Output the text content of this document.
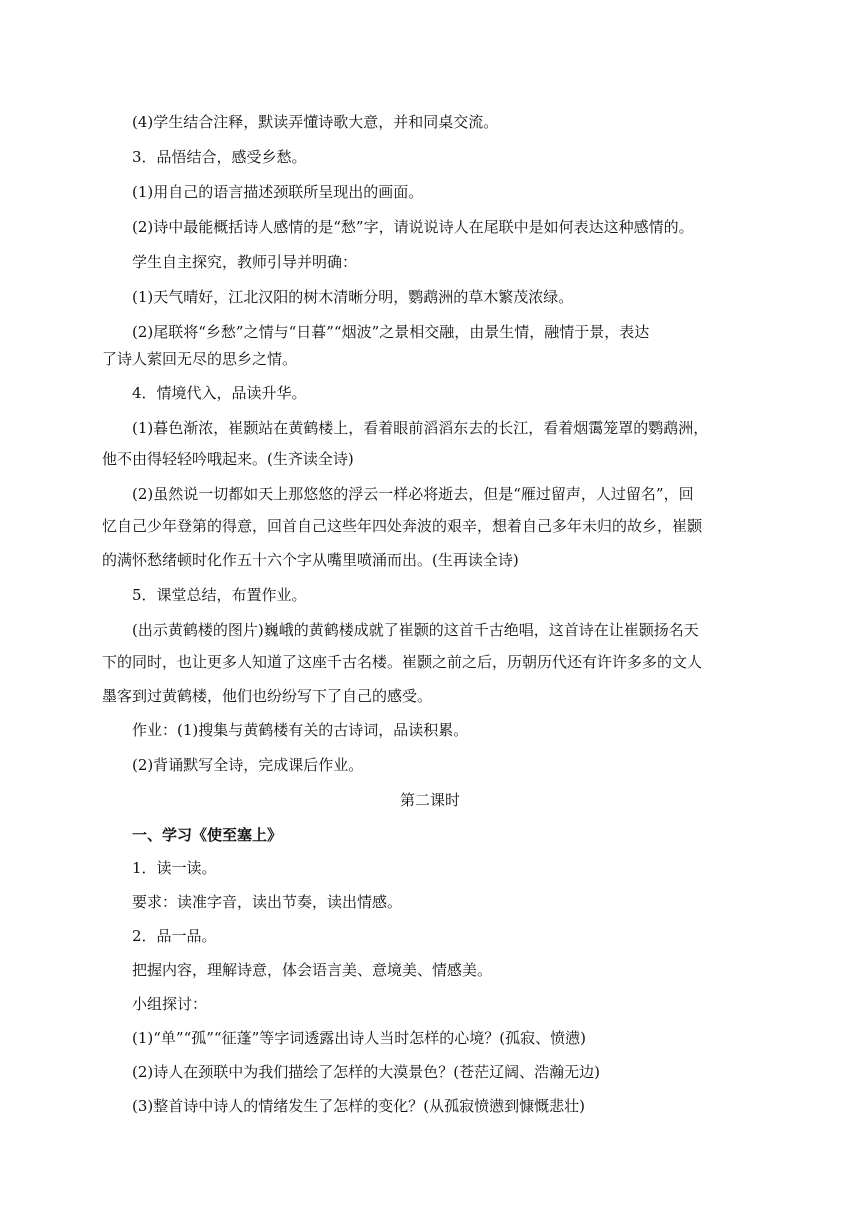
(4)学生结合注释，默读弄懂诗歌大意，并和同桌交流。
3．品悟结合，感受乡愁。
(1)用自己的语言描述颈联所呈现出的画面。
(2)诗中最能概括诗人感情的是“愁”字，请说说诗人在尾联中是如何表达这种感情的。
学生自主探究，教师引导并明确：
(1)天气晴好，江北汉阳的树木清晰分明，鹦鹉洲的草木繁茂浓绿。
(2)尾联将“乡愁”之情与“日暮”“烟波”之景相交融，由景生情，融情于景，表达
了诗人萦回无尽的思乡之情。
4．情境代入，品读升华。
(1)暮色渐浓，崔颢站在黄鹤楼上，看着眼前滔滔东去的长江，看着烟霭笼罩的鹦鹉洲，
他不由得轻轻吟哦起来。(生齐读全诗)
(2)虽然说一切都如天上那悠悠的浮云一样必将逝去，但是“雁过留声，人过留名”，回
忆自己少年登第的得意，回首自己这些年四处奔波的艰辛，想着自己多年未归的故乡，崔颢
的满怀愁绪顿时化作五十六个字从嘴里喷涌而出。(生再读全诗)
5．课堂总结，布置作业。
(出示黄鹤楼的图片)巍峨的黄鹤楼成就了崔颢的这首千古绝唱，这首诗在让崔颢扬名天
下的同时，也让更多人知道了这座千古名楼。崔颢之前之后，历朝历代还有许许多多的文人
墨客到过黄鹤楼，他们也纷纷写下了自己的感受。
作业：(1)搜集与黄鹤楼有关的古诗词，品读积累。
(2)背诵默写全诗，完成课后作业。
第二课时
一、学习《使至塞上》
1．读一读。
要求：读准字音，读出节奏，读出情感。
2．品一品。
把握内容，理解诗意，体会语言美、意境美、情感美。
小组探讨：
(1)“单”“孤”“征蓬”等字词透露出诗人当时怎样的心境？(孤寂、愤懑)
(2)诗人在颈联中为我们描绘了怎样的大漠景色？(苍茫辽阔、浩瀚无边)
(3)整首诗中诗人的情绪发生了怎样的变化？(从孤寂愤懑到慷慨悲壮)
